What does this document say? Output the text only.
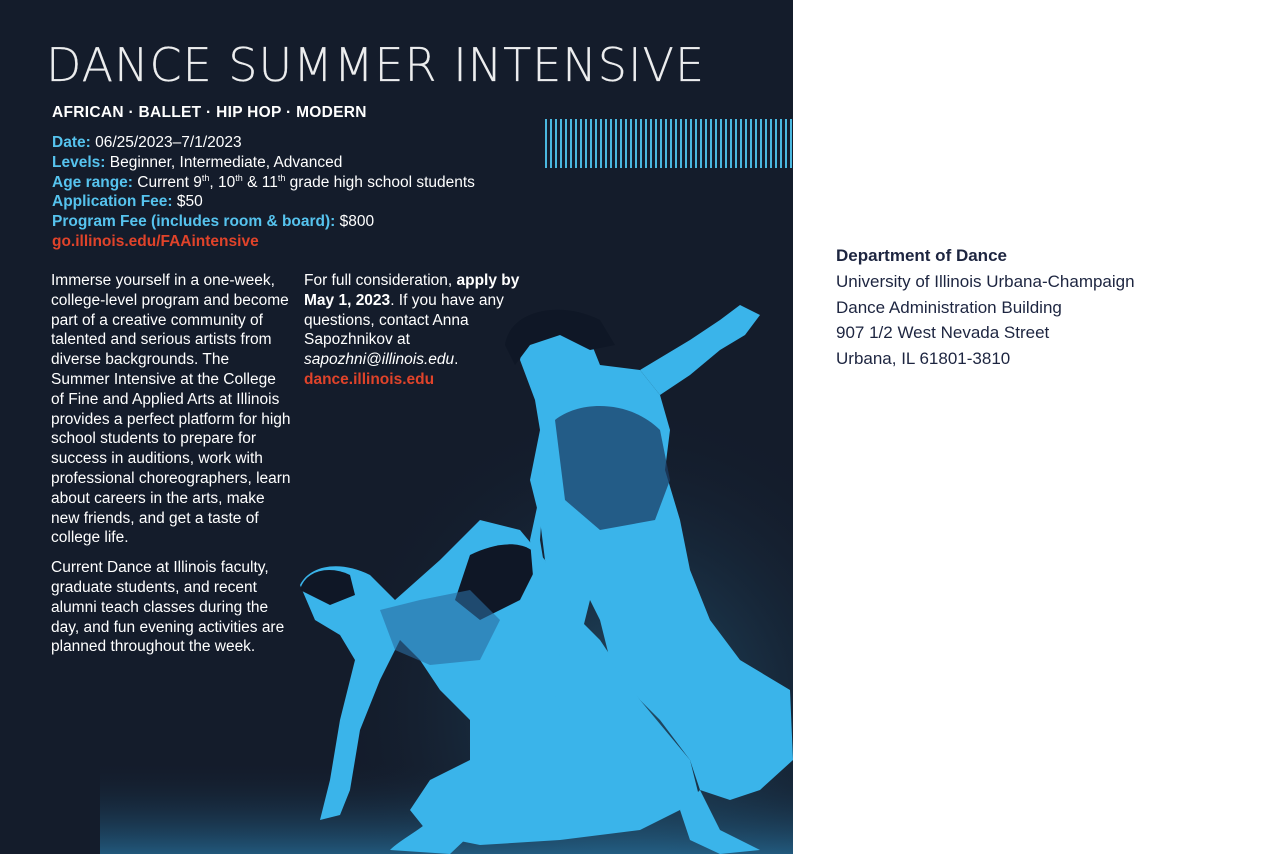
DANCE SUMMER INTENSIVE
AFRICAN · BALLET · HIP HOP · MODERN
Date: 06/25/2023–7/1/2023
Levels: Beginner, Intermediate, Advanced
Age range: Current 9th, 10th & 11th grade high school students
Application Fee: $50
Program Fee (includes room & board): $800
go.illinois.edu/FAAintensive

Immerse yourself in a one-week, college-level program and become part of a creative community of talented and serious artists from diverse backgrounds. The Summer Intensive at the College of Fine and Applied Arts at Illinois provides a perfect platform for high school students to prepare for success in auditions, work with professional choreographers, learn about careers in the arts, make new friends, and get a taste of college life.

Current Dance at Illinois faculty, graduate students, and recent alumni teach classes during the day, and fun evening activities are planned throughout the week.

For full consideration, apply by May 1, 2023. If you have any questions, contact Anna Sapozhnikov at sapozhni@illinois.edu.
dance.illinois.edu
Department of Dance
University of Illinois Urbana-Champaign
Dance Administration Building
907 1/2 West Nevada Street
Urbana, IL 61801-3810
